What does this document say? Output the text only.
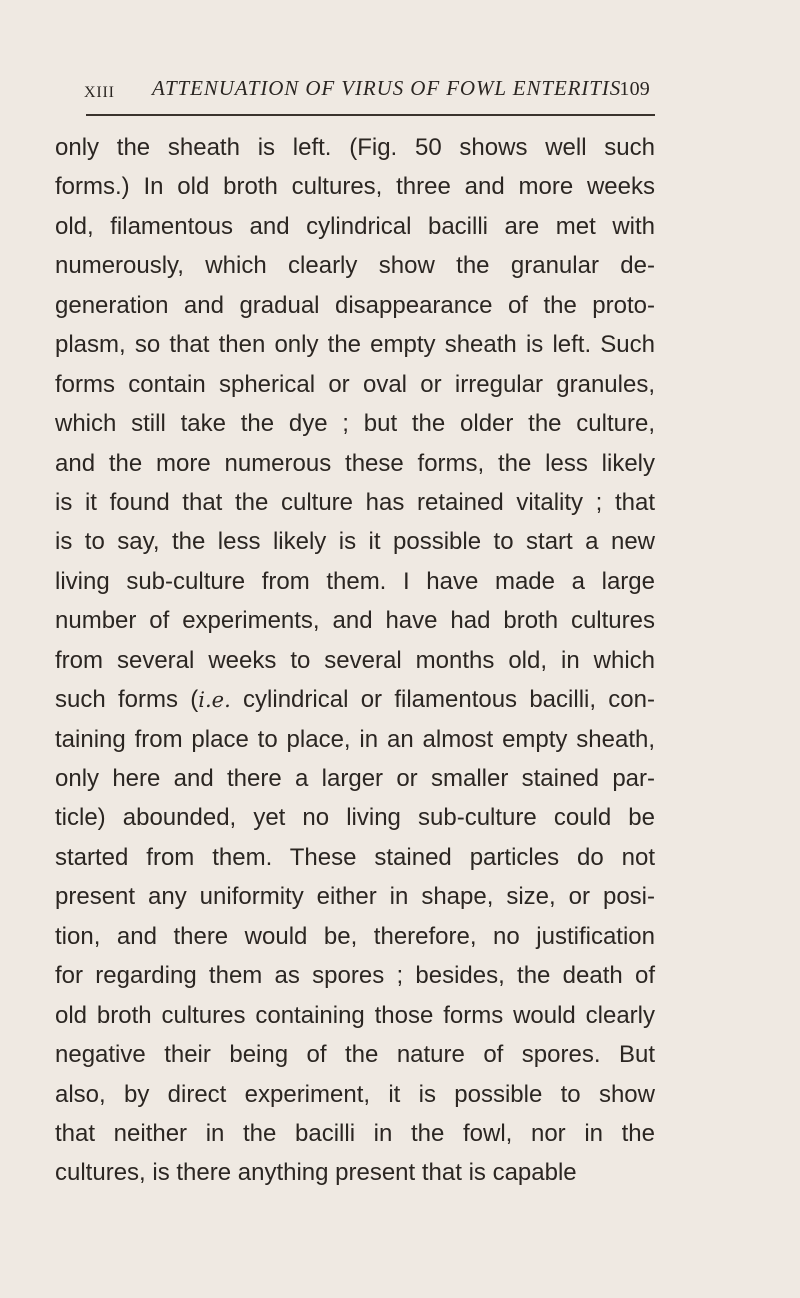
XIII ATTENUATION OF VIRUS OF FOWL ENTERITIS
109
only the sheath is left. (Fig. 50 shows well such
forms.) In old broth cultures, three and more weeks
old, filamentous and cylindrical bacilli are met with
numerously, which clearly show the granular de-
generation and gradual disappearance of the proto-
plasm, so that then only the empty sheath is left. Such
forms contain spherical or oval or irregular granules,
which still take the dye ; but the older the culture,
and the more numerous these forms, the less likely
is it found that the culture has retained vitality ; that
is to say, the less likely is it possible to start a new
living sub-culture from them. I have made a large
number of experiments, and have had broth cultures
from several weeks to several months old, in which
such forms (i.e. cylindrical or filamentous bacilli, con-
taining from place to place, in an almost empty sheath,
only here and there a larger or smaller stained par-
ticle) abounded, yet no living sub-culture could be
started from them. These stained particles do not
present any uniformity either in shape, size, or posi-
tion, and there would be, therefore, no justification
for regarding them as spores ; besides, the death of
old broth cultures containing those forms would clearly
negative their being of the nature of spores. But
also, by direct experiment, it is possible to show
that neither in the bacilli in the fowl, nor in the
cultures, is there anything present that is capable
